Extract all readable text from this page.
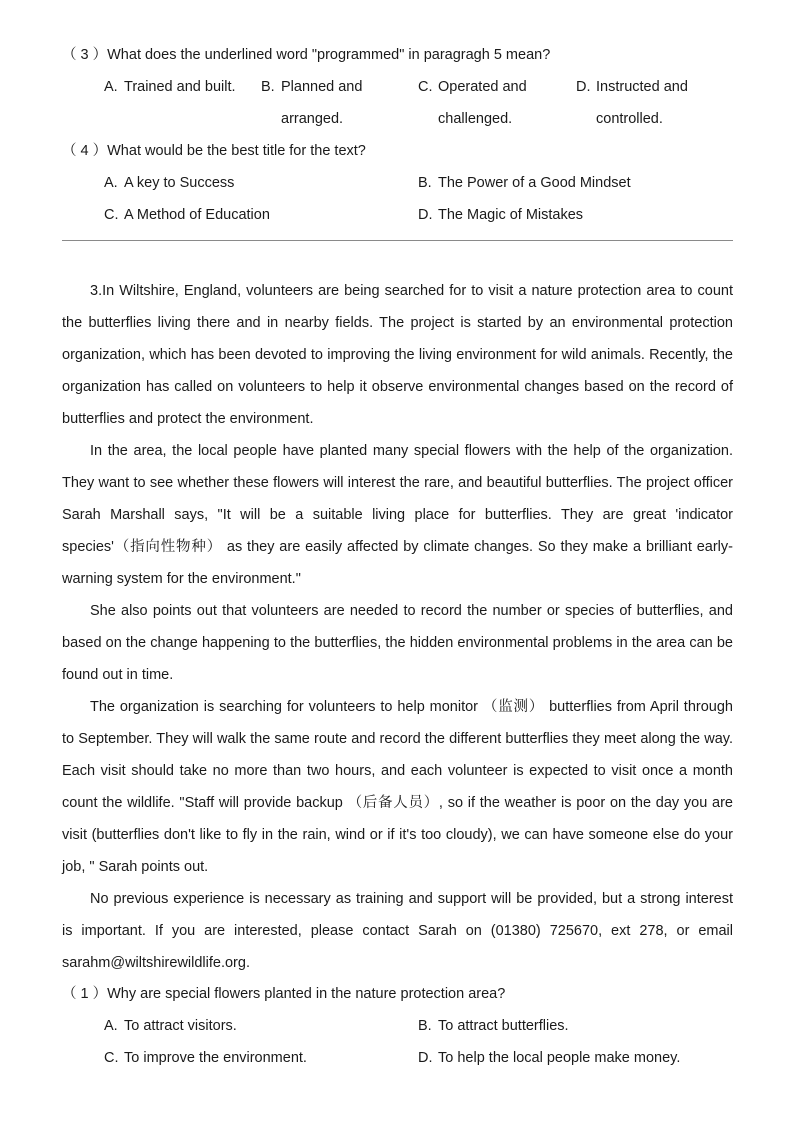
（ 3 ）What does the underlined word "programmed" in paragragh 5 mean?
A. Trained and built. B. Planned and
arranged.
C. Operated and
challenged.
D. Instructed and
controlled.
（ 4 ）What would be the best title for the text?
A. A key to Success	B. The Power of a Good Mindset
C. A Method of Education	D. The Magic of Mistakes

3.In Wiltshire, England, volunteers are being searched for to visit a nature protection area to count the butterflies living there and in nearby fields. The project is started by an environmental protection organization, which has been devoted to improving the living environment for wild animals. Recently, the organization has called on volunteers to help it observe environmental changes based on the record of butterflies and protect the environment.

In the area, the local people have planted many special flowers with the help of the organization. They want to see whether these flowers will interest the rare, and beautiful butterflies. The project officer Sarah Marshall says, "It will be a suitable living place for butterflies. They are great 'indicator species'（指向性物种） as they are easily affected by climate changes. So they make a brilliant early-warning system for the environment."

She also points out that volunteers are needed to record the number or species of butterflies, and based on the change happening to the butterflies, the hidden environmental problems in the area can be found out in time.

The organization is searching for volunteers to help monitor （监测） butterflies from April through to September. They will walk the same route and record the different butterflies they meet along the way. Each visit should take no more than two hours, and each volunteer is expected to visit once a month count the wildlife. "Staff will provide backup （后备人员）, so if the weather is poor on the day you are visit (butterflies don't like to fly in the rain, wind or if it's too cloudy), we can have someone else do your job, " Sarah points out.

No previous experience is necessary as training and support will be provided, but a strong interest is important. If you are interested, please contact Sarah on (01380) 725670, ext 278, or email sarahm@wiltshirewildlife.org.

（ 1 ）Why are special flowers planted in the nature protection area?
A. To attract visitors.	B. To attract butterflies.
C. To improve the environment.	D. To help the local people make money.
